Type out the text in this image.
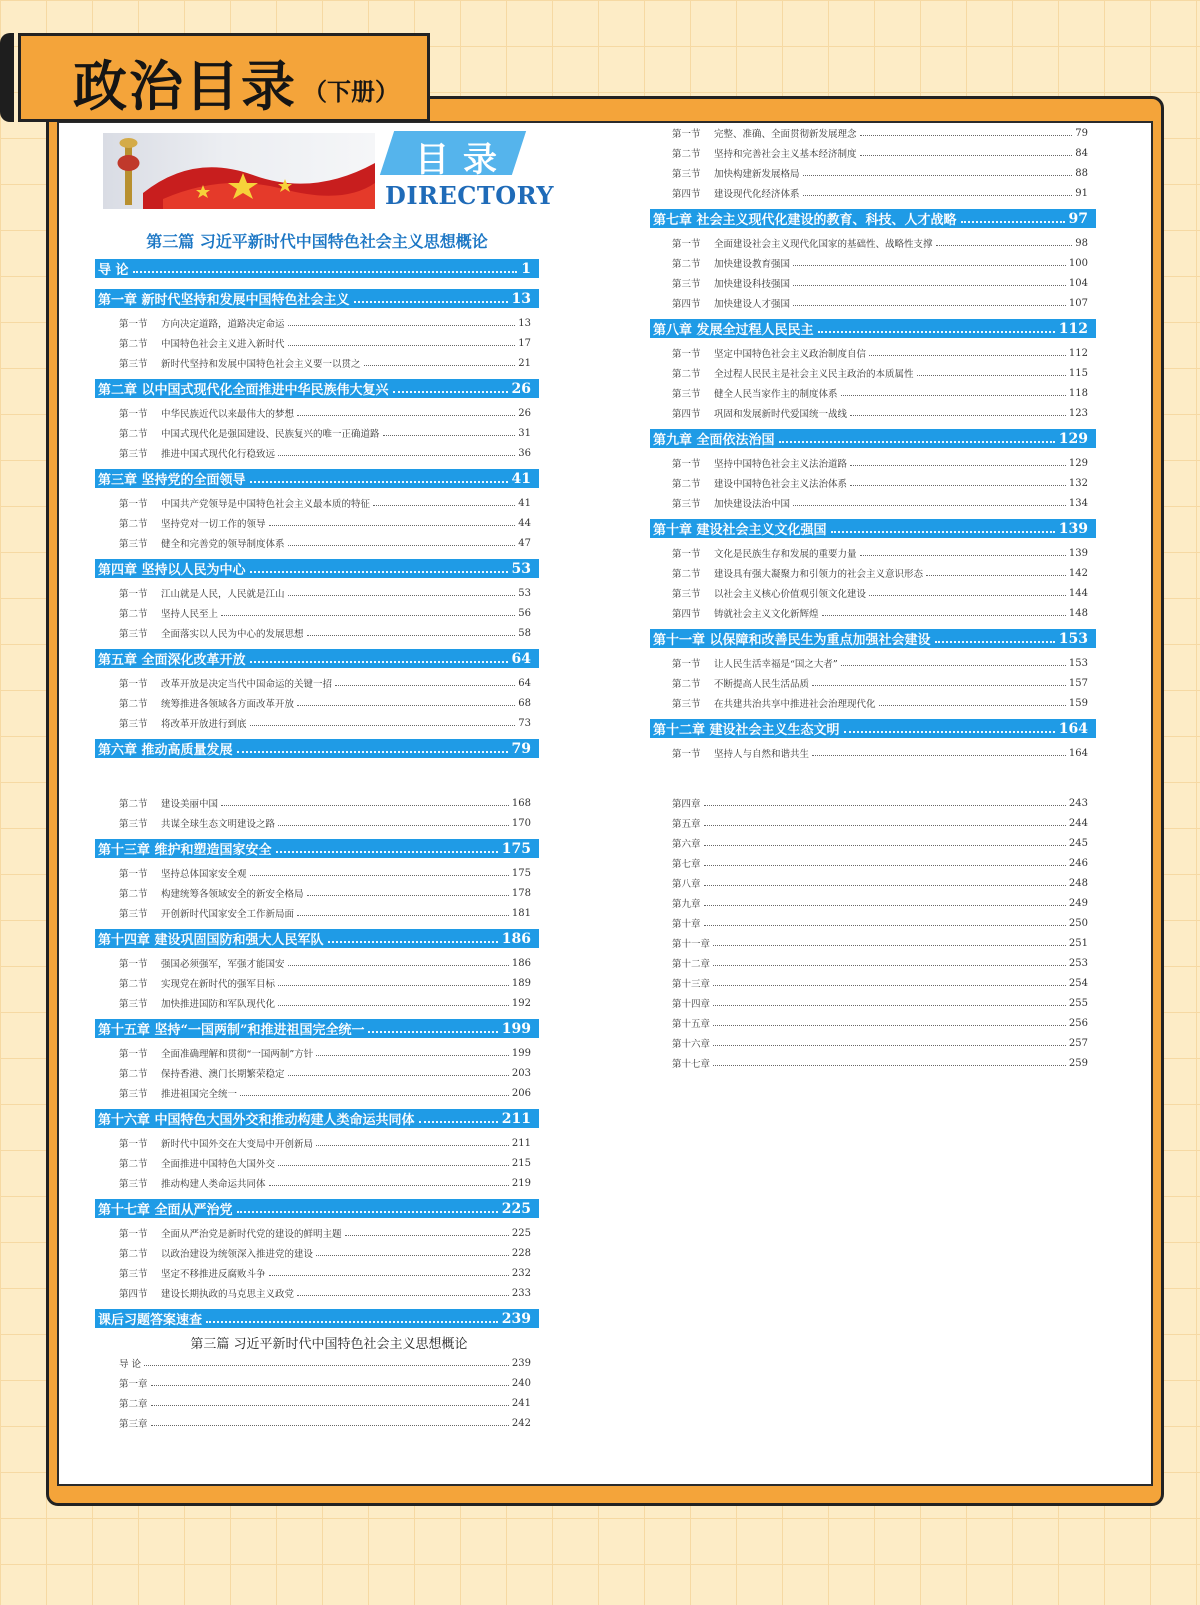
政治目录 （下册）
目录
DIRECTORY
第三篇 习近平新时代中国特色社会主义思想概论
导 论	1
第一章 新时代坚持和发展中国特色社会主义	13
第一节	方向决定道路，道路决定命运	13
第二节	中国特色社会主义进入新时代	17
第三节	新时代坚持和发展中国特色社会主义要一以贯之	21
第二章 以中国式现代化全面推进中华民族伟大复兴	26
第一节	中华民族近代以来最伟大的梦想	26
第二节	中国式现代化是强国建设、民族复兴的唯一正确道路	31
第三节	推进中国式现代化行稳致远	36
第三章 坚持党的全面领导	41
第一节	中国共产党领导是中国特色社会主义最本质的特征	41
第二节	坚持党对一切工作的领导	44
第三节	健全和完善党的领导制度体系	47
第四章 坚持以人民为中心	53
第一节	江山就是人民，人民就是江山	53
第二节	坚持人民至上	56
第三节	全面落实以人民为中心的发展思想	58
第五章 全面深化改革开放	64
第一节	改革开放是决定当代中国命运的关键一招	64
第二节	统筹推进各领域各方面改革开放	68
第三节	将改革开放进行到底	73
第六章 推动高质量发展	79
第一节	完整、准确、全面贯彻新发展理念	79
第二节	坚持和完善社会主义基本经济制度	84
第三节	加快构建新发展格局	88
第四节	建设现代化经济体系	91
第七章 社会主义现代化建设的教育、科技、人才战略	97
第一节	全面建设社会主义现代化国家的基础性、战略性支撑	98
第二节	加快建设教育强国	100
第三节	加快建设科技强国	104
第四节	加快建设人才强国	107
第八章 发展全过程人民民主	112
第一节	坚定中国特色社会主义政治制度自信	112
第二节	全过程人民民主是社会主义民主政治的本质属性	115
第三节	健全人民当家作主的制度体系	118
第四节	巩固和发展新时代爱国统一战线	123
第九章 全面依法治国	129
第一节	坚持中国特色社会主义法治道路	129
第二节	建设中国特色社会主义法治体系	132
第三节	加快建设法治中国	134
第十章 建设社会主义文化强国	139
第一节	文化是民族生存和发展的重要力量	139
第二节	建设具有强大凝聚力和引领力的社会主义意识形态	142
第三节	以社会主义核心价值观引领文化建设	144
第四节	铸就社会主义文化新辉煌	148
第十一章 以保障和改善民生为重点加强社会建设	153
第一节	让人民生活幸福是“国之大者”	153
第二节	不断提高人民生活品质	157
第三节	在共建共治共享中推进社会治理现代化	159
第十二章 建设社会主义生态文明	164
第一节	坚持人与自然和谐共生	164
第二节	建设美丽中国	168
第三节	共谋全球生态文明建设之路	170
第十三章 维护和塑造国家安全	175
第一节	坚持总体国家安全观	175
第二节	构建统筹各领域安全的新安全格局	178
第三节	开创新时代国家安全工作新局面	181
第十四章 建设巩固国防和强大人民军队	186
第一节	强国必须强军，军强才能国安	186
第二节	实现党在新时代的强军目标	189
第三节	加快推进国防和军队现代化	192
第十五章 坚持“一国两制”和推进祖国完全统一	199
第一节	全面准确理解和贯彻“一国两制”方针	199
第二节	保持香港、澳门长期繁荣稳定	203
第三节	推进祖国完全统一	206
第十六章 中国特色大国外交和推动构建人类命运共同体	211
第一节	新时代中国外交在大变局中开创新局	211
第二节	全面推进中国特色大国外交	215
第三节	推动构建人类命运共同体	219
第十七章 全面从严治党	225
第一节	全面从严治党是新时代党的建设的鲜明主题	225
第二节	以政治建设为统领深入推进党的建设	228
第三节	坚定不移推进反腐败斗争	232
第四节	建设长期执政的马克思主义政党	233
课后习题答案速查	239
第三篇 习近平新时代中国特色社会主义思想概论
导 论	239
第一章	240
第二章	241
第三章	242
第四章	243
第五章	244
第六章	245
第七章	246
第八章	248
第九章	249
第十章	250
第十一章	251
第十二章	253
第十三章	254
第十四章	255
第十五章	256
第十六章	257
第十七章	259
